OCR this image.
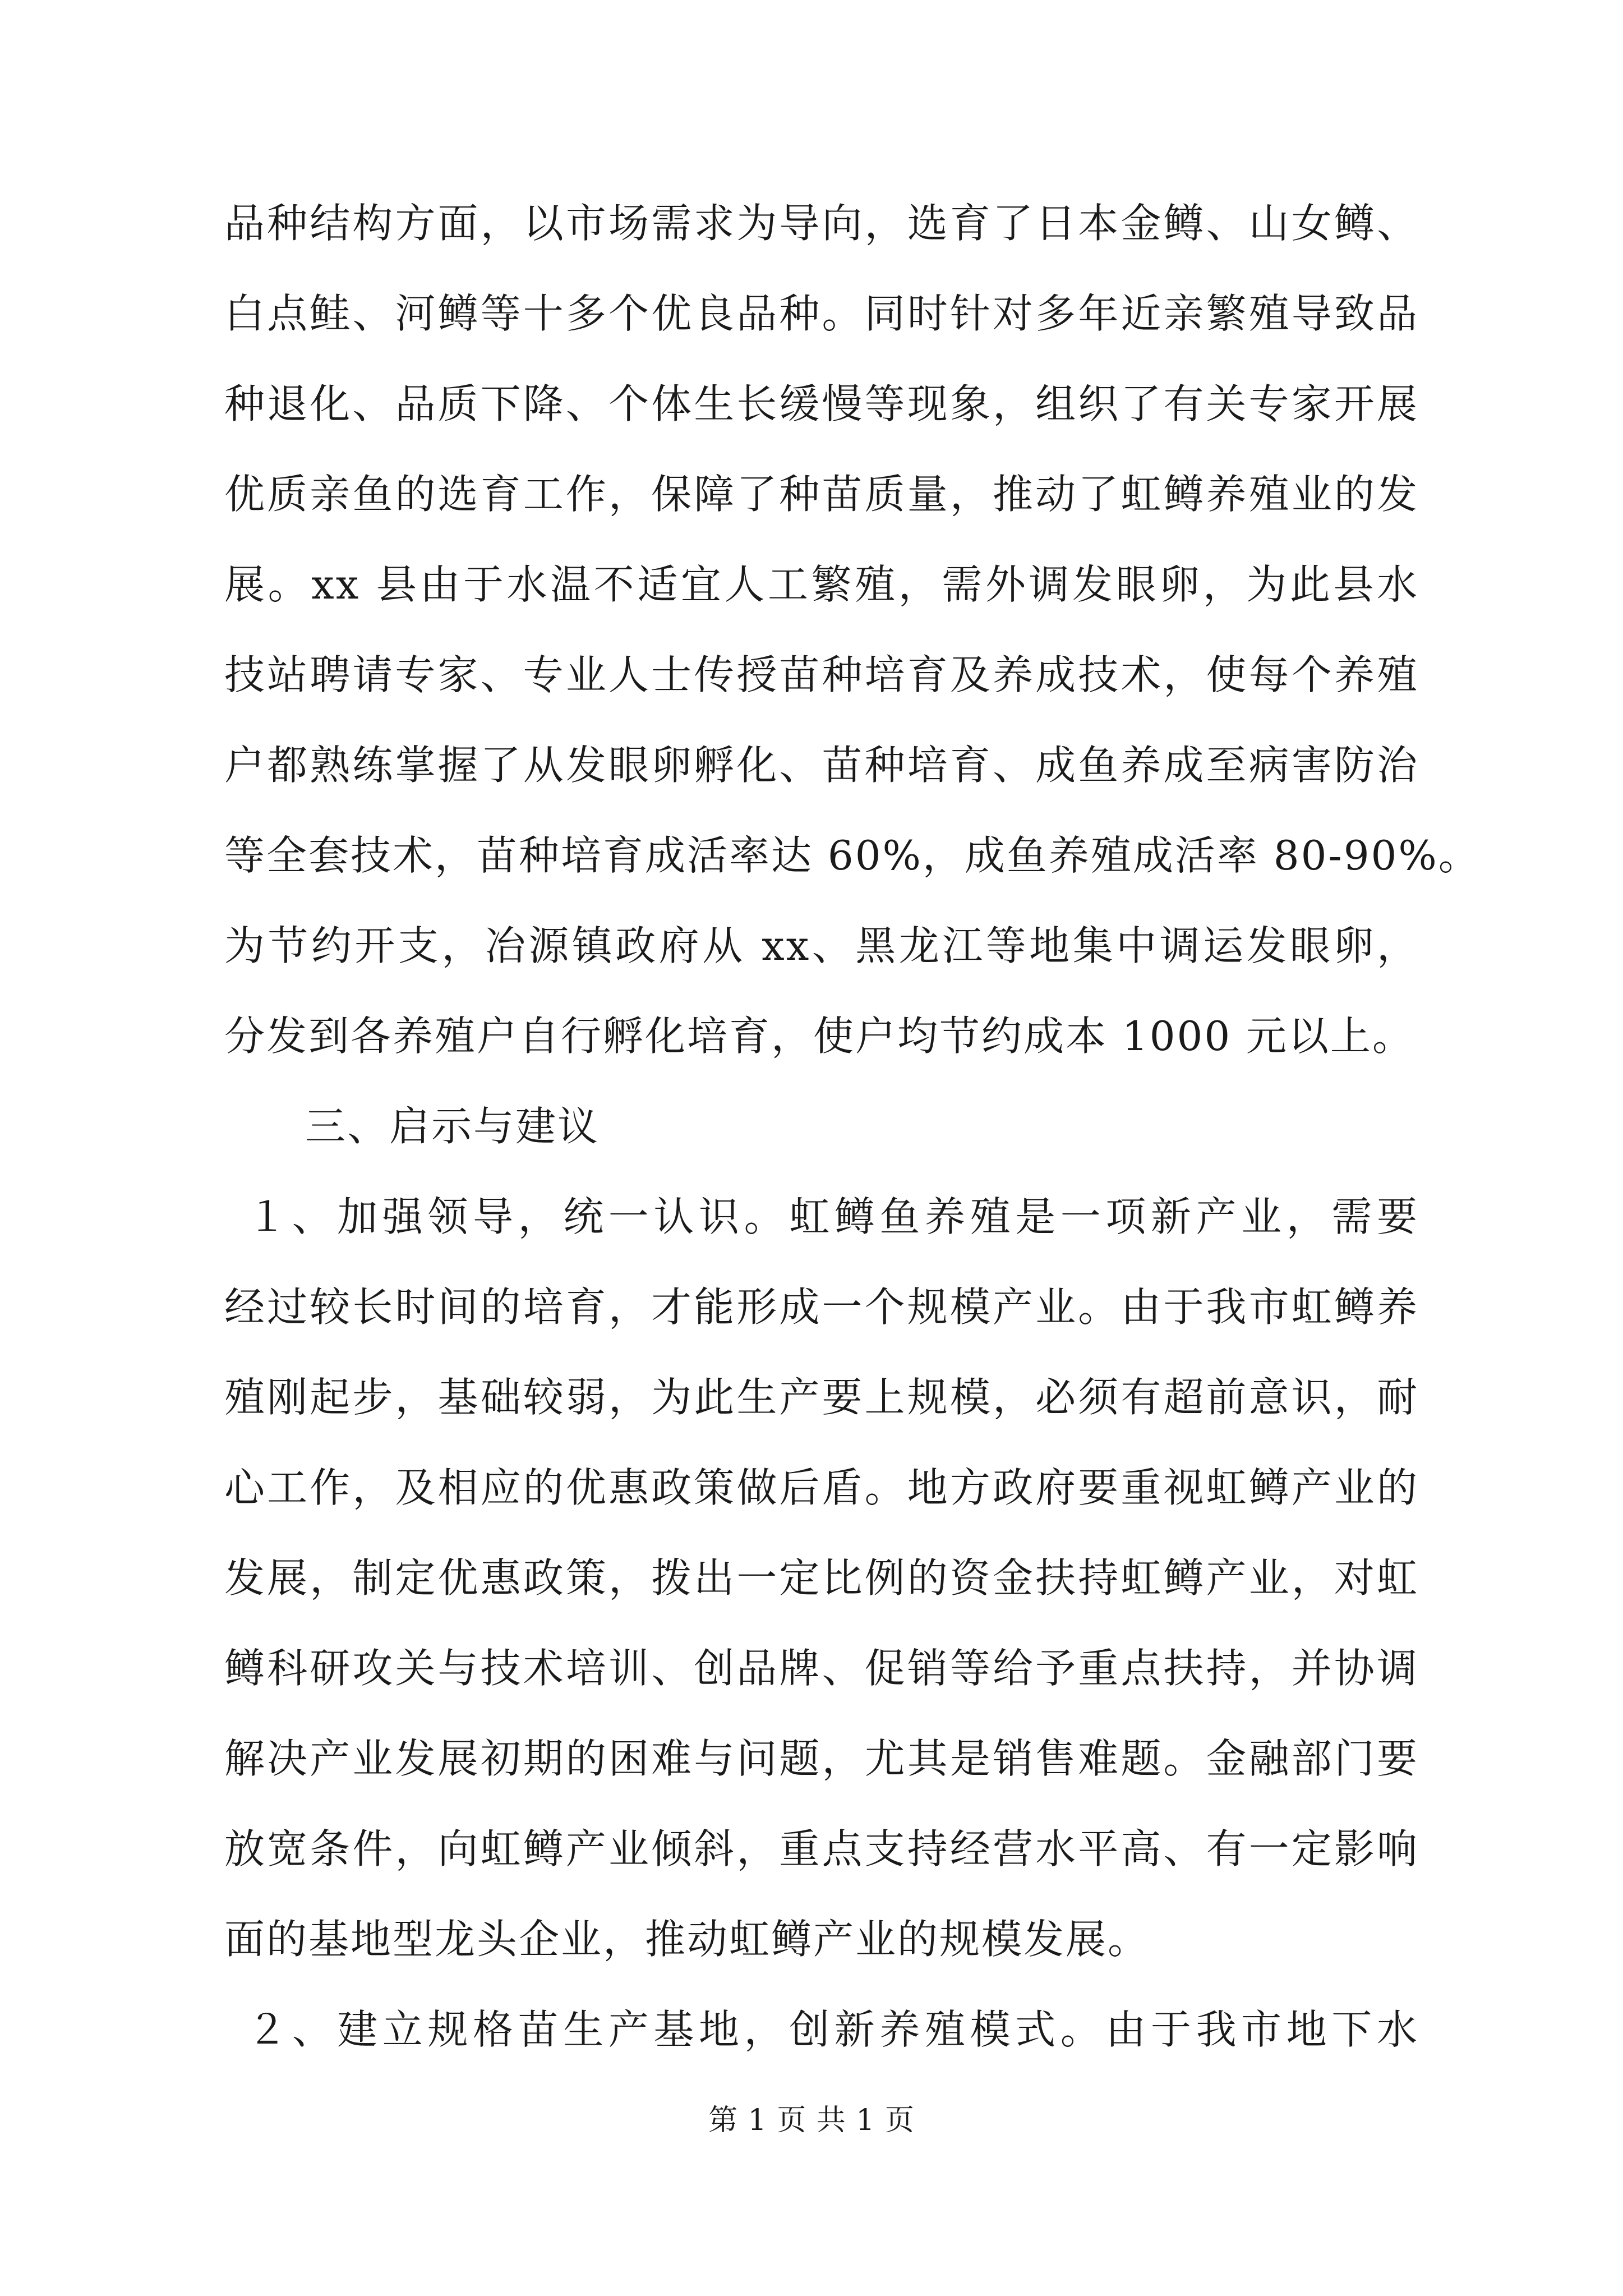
品种结构方面，以市场需求为导向，选育了日本金鳟、山女鳟、
白点鲑、河鳟等十多个优良品种。同时针对多年近亲繁殖导致品
种退化、品质下降、个体生长缓慢等现象，组织了有关专家开展
优质亲鱼的选育工作，保障了种苗质量，推动了虹鳟养殖业的发
展。xx 县由于水温不适宜人工繁殖，需外调发眼卵，为此县水
技站聘请专家、专业人士传授苗种培育及养成技术，使每个养殖
户都熟练掌握了从发眼卵孵化、苗种培育、成鱼养成至病害防治
等全套技术，苗种培育成活率达 60%，成鱼养殖成活率 80-90%。
为节约开支，冶源镇政府从 xx、黑龙江等地集中调运发眼卵，
分发到各养殖户自行孵化培育，使户均节约成本 1000 元以上。
三、启示与建议
１、加强领导，统一认识。虹鳟鱼养殖是一项新产业，需要
经过较长时间的培育，才能形成一个规模产业。由于我市虹鳟养
殖刚起步，基础较弱，为此生产要上规模，必须有超前意识，耐
心工作，及相应的优惠政策做后盾。地方政府要重视虹鳟产业的
发展，制定优惠政策，拨出一定比例的资金扶持虹鳟产业，对虹
鳟科研攻关与技术培训、创品牌、促销等给予重点扶持，并协调
解决产业发展初期的困难与问题，尤其是销售难题。金融部门要
放宽条件，向虹鳟产业倾斜，重点支持经营水平高、有一定影响
面的基地型龙头企业，推动虹鳟产业的规模发展。
２、建立规格苗生产基地，创新养殖模式。由于我市地下水
第 1 页 共 1 页
